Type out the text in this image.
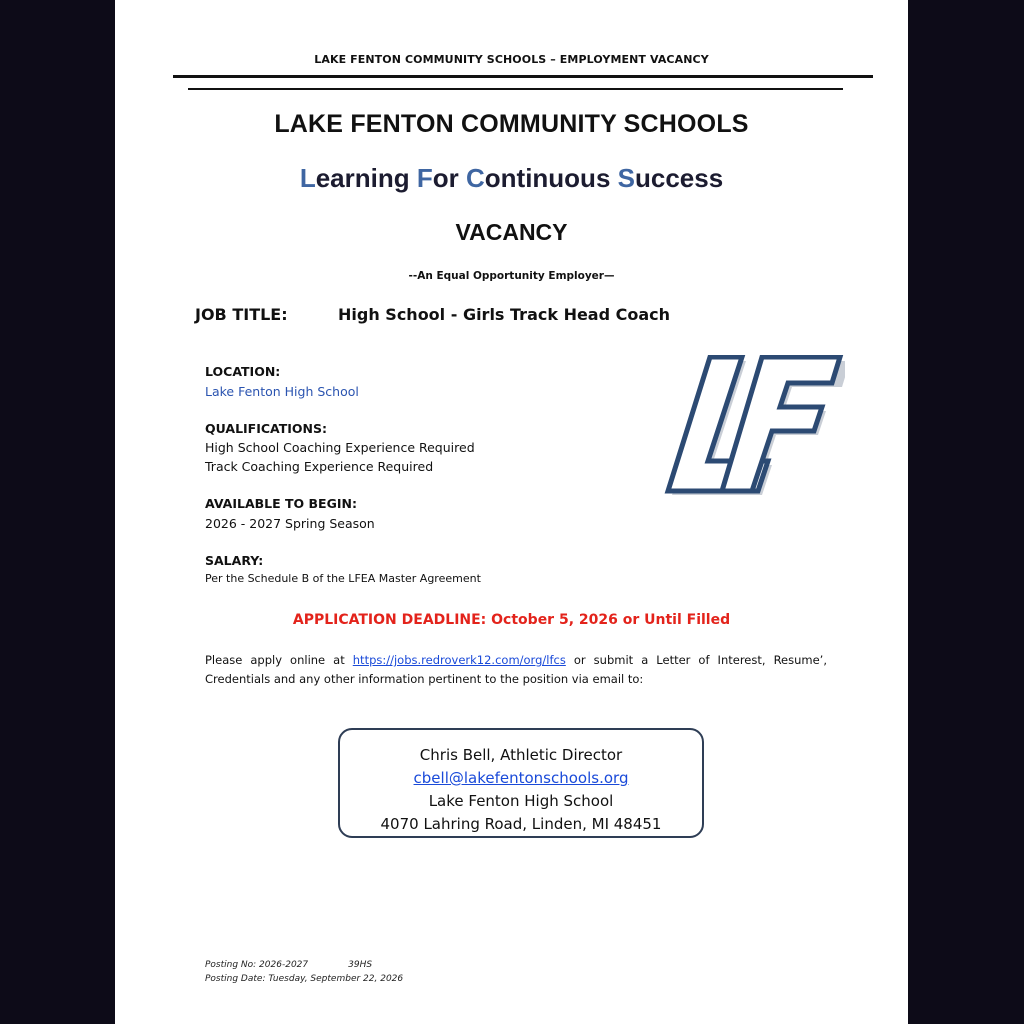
LAKE FENTON COMMUNITY SCHOOLS – EMPLOYMENT VACANCY
LAKE FENTON COMMUNITY SCHOOLS
Learning For Continuous Success
VACANCY
--An Equal Opportunity Employer—
JOB TITLE:	High School - Girls Track Head Coach
LOCATION:
Lake Fenton High School
QUALIFICATIONS:
High School Coaching Experience Required
Track Coaching Experience Required
AVAILABLE TO BEGIN:
2026 - 2027 Spring Season
SALARY:
Per the Schedule B of the LFEA Master Agreement
APPLICATION DEADLINE: October 5, 2026 or Until Filled
Please apply online at https://jobs.redroverk12.com/org/lfcs or submit a Letter of Interest, Resume’, Credentials and any other information pertinent to the position via email to:
Chris Bell, Athletic Director
cbell@lakefentonschools.org
Lake Fenton High School
4070 Lahring Road, Linden, MI 48451
Posting No: 2026-2027	39HS
Posting Date: Tuesday, September 22, 2026
